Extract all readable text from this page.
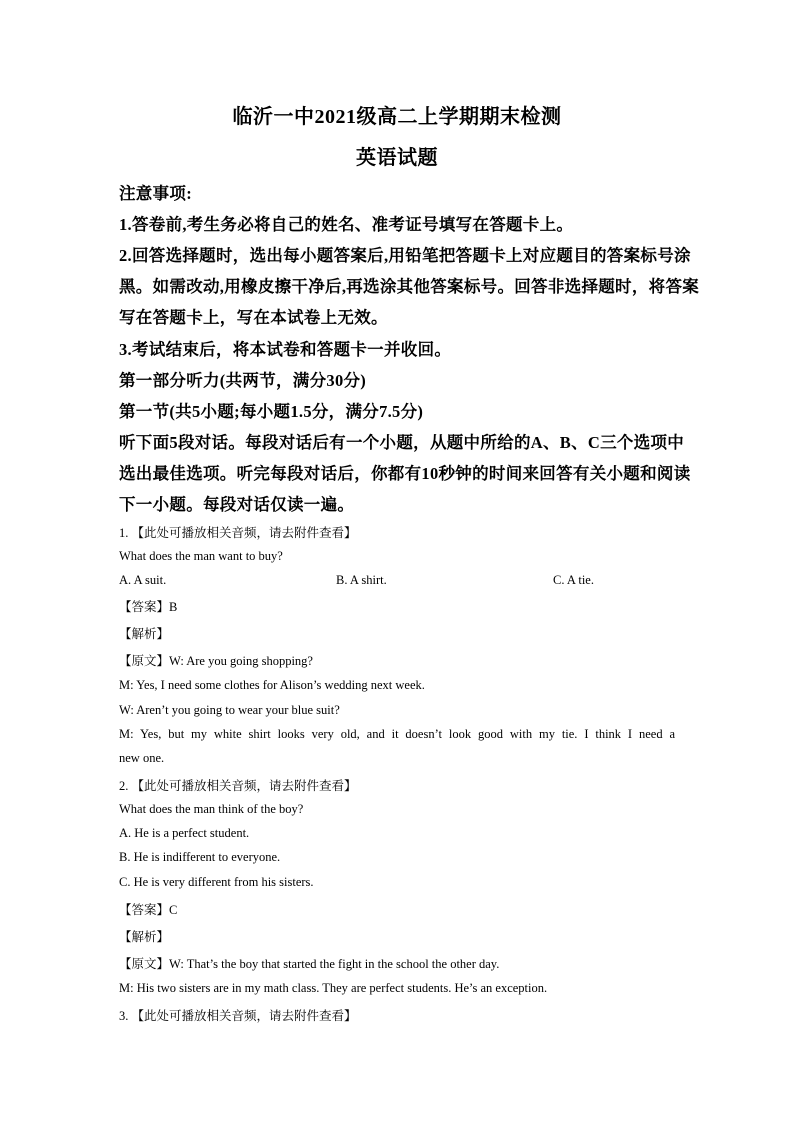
临沂一中2021级高二上学期期末检测
英语试题
注意事项:
1.答卷前,考生务必将自己的姓名、准考证号填写在答题卡上。
2.回答选择题时，选出每小题答案后,用铅笔把答题卡上对应题目的答案标号涂
黑。如需改动,用橡皮擦干净后,再选涂其他答案标号。回答非选择题时，将答案
写在答题卡上，写在本试卷上无效。
3.考试结束后，将本试卷和答题卡一并收回。
第一部分听力(共两节，满分30分)
第一节(共5小题;每小题1.5分，满分7.5分)
听下面5段对话。每段对话后有一个小题，从题中所给的A、B、C三个选项中
选出最佳选项。听完每段对话后，你都有10秒钟的时间来回答有关小题和阅读
下一小题。每段对话仅读一遍。
1. 【此处可播放相关音频，请去附件查看】
What does the man want to buy?
A. A suit.	B. A shirt.	C. A tie.
【答案】B
【解析】
【原文】W: Are you going shopping?
M: Yes, I need some clothes for Alison’s wedding next week.
W: Aren’t you going to wear your blue suit?
M: Yes, but my white shirt looks very old, and it doesn’t look good with my tie. I think I need a
new one.
2. 【此处可播放相关音频，请去附件查看】
What does the man think of the boy?
A. He is a perfect student.
B. He is indifferent to everyone.
C. He is very different from his sisters.
【答案】C
【解析】
【原文】W: That’s the boy that started the fight in the school the other day.
M: His two sisters are in my math class. They are perfect students. He’s an exception.
3. 【此处可播放相关音频，请去附件查看】
